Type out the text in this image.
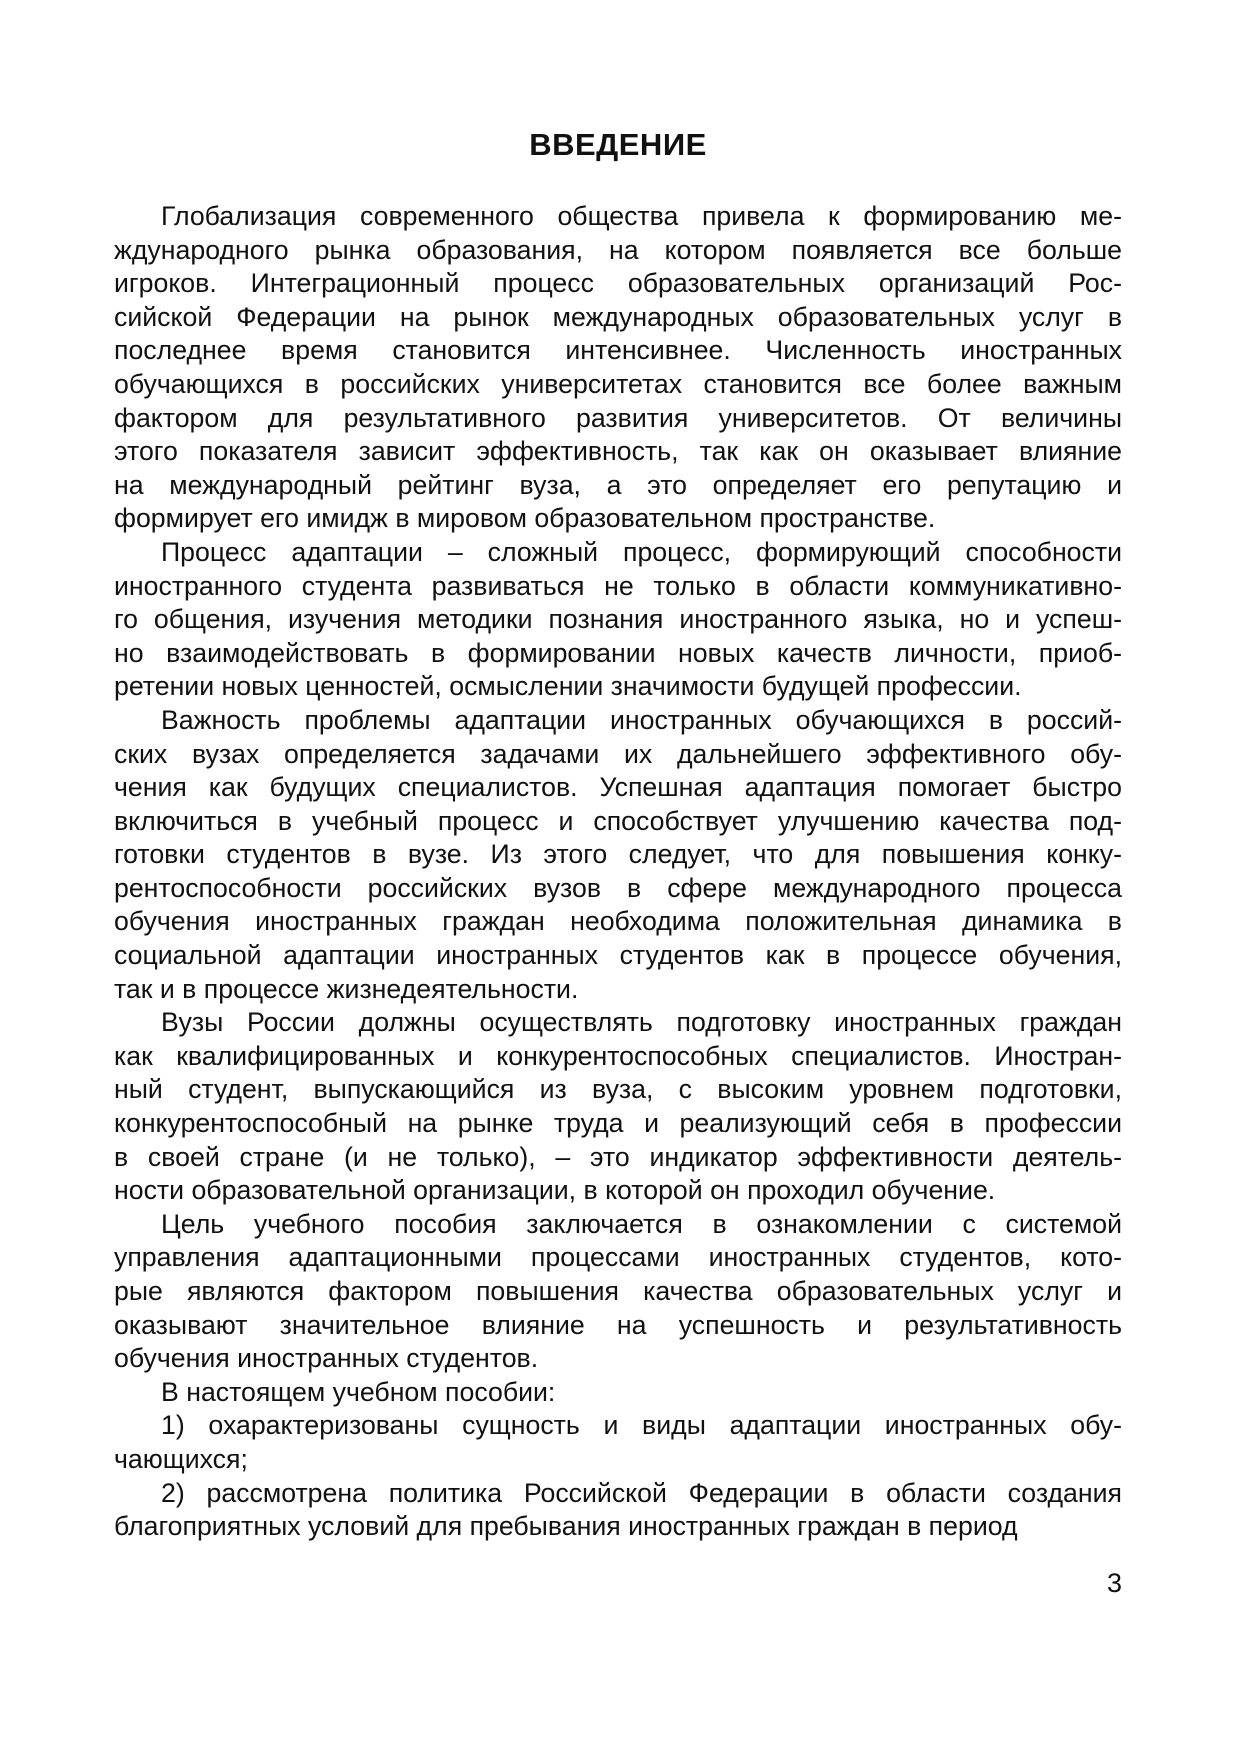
ВВЕДЕНИЕ
Глобализация современного общества привела к формированию ме-
ждународного рынка образования, на котором появляется все больше
игроков. Интеграционный процесс образовательных организаций Рос-
сийской Федерации на рынок международных образовательных услуг в
последнее время становится интенсивнее. Численность иностранных
обучающихся в российских университетах становится все более важным
фактором для результативного развития университетов. От величины
этого показателя зависит эффективность, так как он оказывает влияние
на международный рейтинг вуза, а это определяет его репутацию и
формирует его имидж в мировом образовательном пространстве.
Процесс адаптации – сложный процесс, формирующий способности
иностранного студента развиваться не только в области коммуникативно-
го общения, изучения методики познания иностранного языка, но и успеш-
но взаимодействовать в формировании новых качеств личности, приоб-
ретении новых ценностей, осмыслении значимости будущей профессии.
Важность проблемы адаптации иностранных обучающихся в россий-
ских вузах определяется задачами их дальнейшего эффективного обу-
чения как будущих специалистов. Успешная адаптация помогает быстро
включиться в учебный процесс и способствует улучшению качества под-
готовки студентов в вузе. Из этого следует, что для повышения конку-
рентоспособности российских вузов в сфере международного процесса
обучения иностранных граждан необходима положительная динамика в
социальной адаптации иностранных студентов как в процессе обучения,
так и в процессе жизнедеятельности.
Вузы России должны осуществлять подготовку иностранных граждан
как квалифицированных и конкурентоспособных специалистов. Иностран-
ный студент, выпускающийся из вуза, с высоким уровнем подготовки,
конкурентоспособный на рынке труда и реализующий себя в профессии
в своей стране (и не только), – это индикатор эффективности деятель-
ности образовательной организации, в которой он проходил обучение.
Цель учебного пособия заключается в ознакомлении с системой
управления адаптационными процессами иностранных студентов, кото-
рые являются фактором повышения качества образовательных услуг и
оказывают значительное влияние на успешность и результативность
обучения иностранных студентов.
В настоящем учебном пособии:
1) охарактеризованы сущность и виды адаптации иностранных обу-
чающихся;
2) рассмотрена политика Российской Федерации в области создания
благоприятных условий для пребывания иностранных граждан в период
3
